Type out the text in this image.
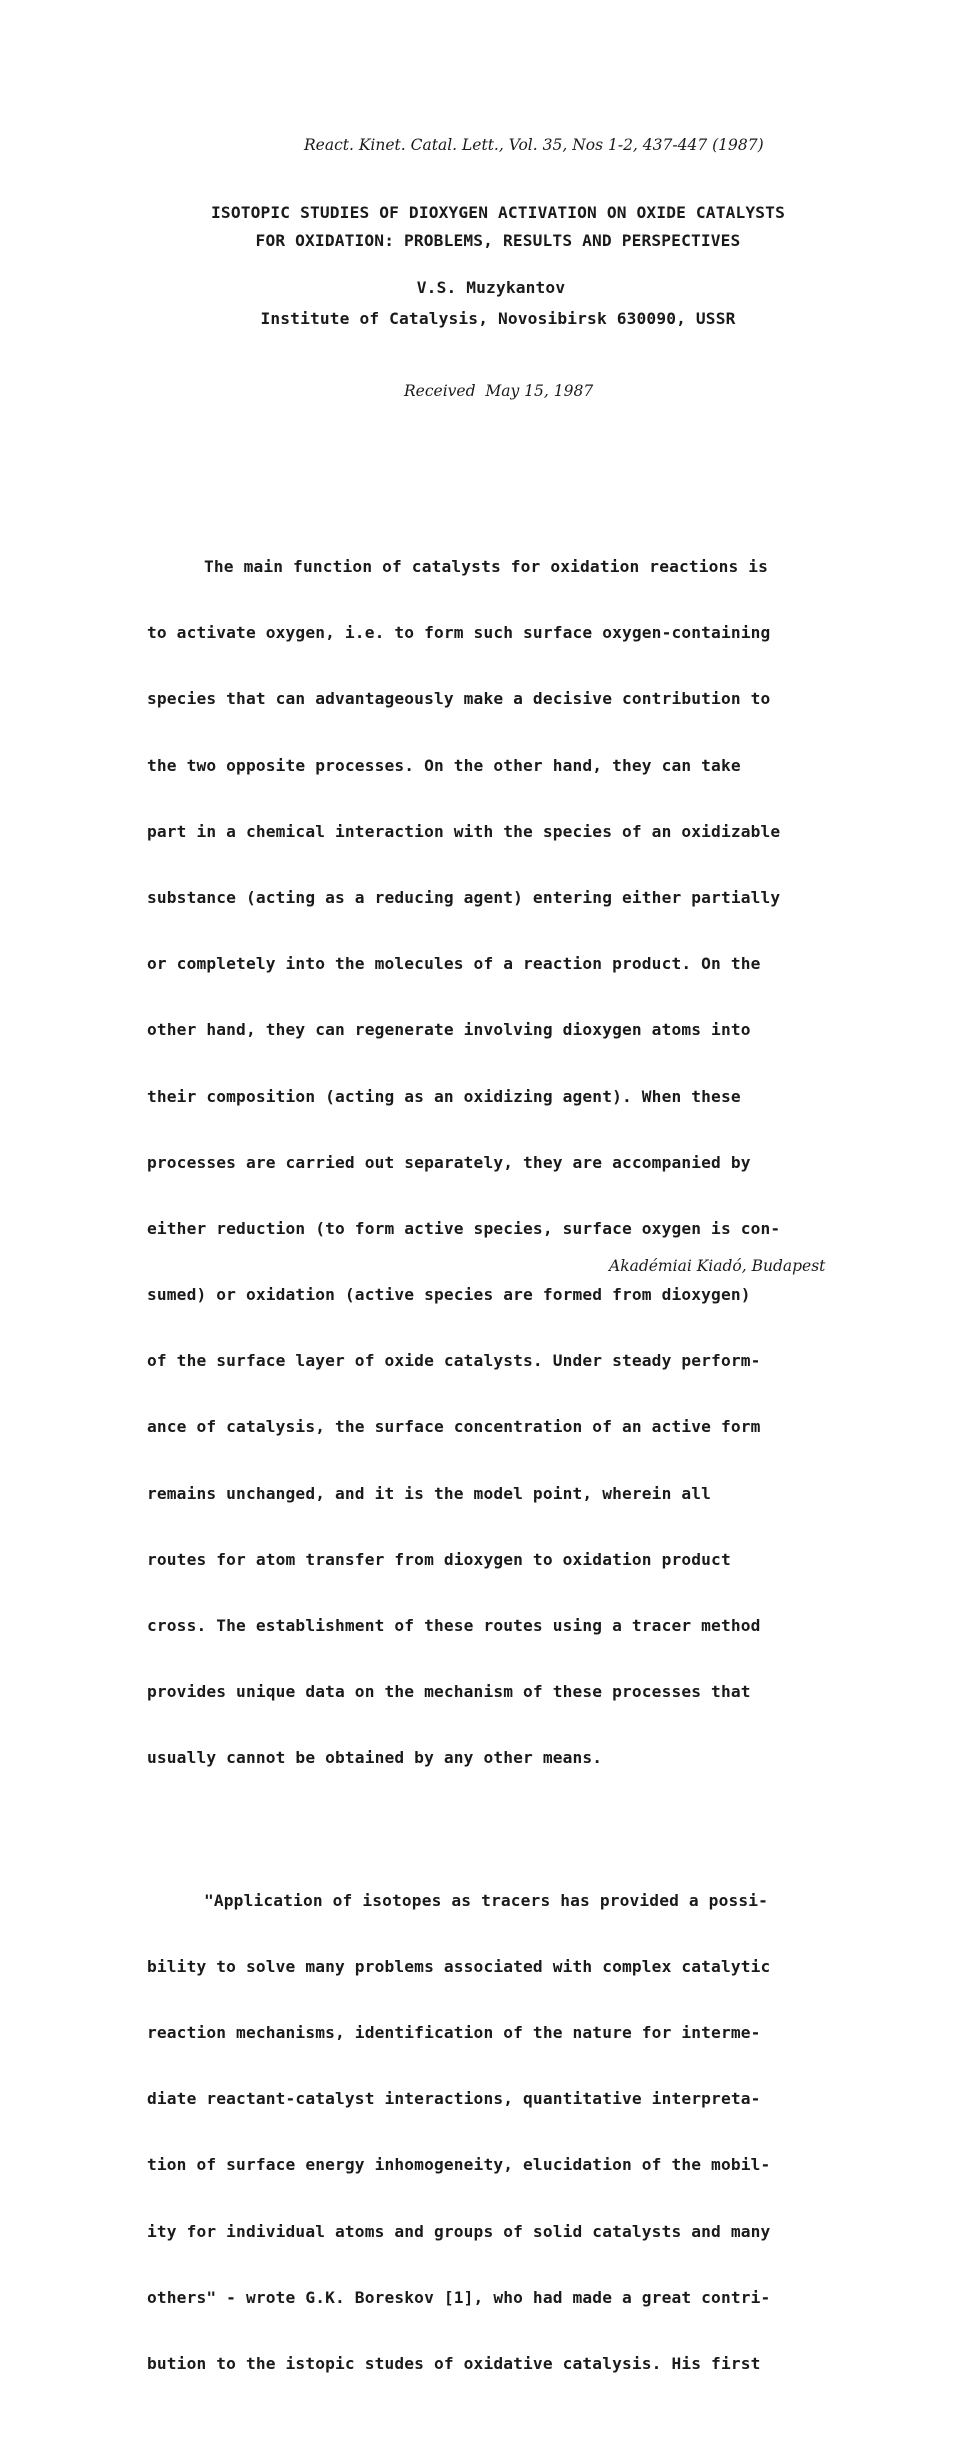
React. Kinet. Catal. Lett., Vol. 35, Nos 1-2, 437-447 (1987)
ISOTOPIC STUDIES OF DIOXYGEN ACTIVATION ON OXIDE CATALYSTS
FOR OXIDATION: PROBLEMS, RESULTS AND PERSPECTIVES
V.S. Muzykantov
Institute of Catalysis, Novosibirsk 630090, USSR
Received  May 15, 1987

The main function of catalysts for oxidation reactions is

to activate oxygen, i.e. to form such surface oxygen-containing

species that can advantageously make a decisive contribution to

the two opposite processes. On the other hand, they can take

part in a chemical interaction with the species of an oxidizable

substance (acting as a reducing agent) entering either partially

or completely into the molecules of a reaction product. On the

other hand, they can regenerate involving dioxygen atoms into

their composition (acting as an oxidizing agent). When these

processes are carried out separately, they are accompanied by

either reduction (to form active species, surface oxygen is con-

sumed) or oxidation (active species are formed from dioxygen)

of the surface layer of oxide catalysts. Under steady perform-

ance of catalysis, the surface concentration of an active form

remains unchanged, and it is the model point, wherein all

routes for atom transfer from dioxygen to oxidation product

cross. The establishment of these routes using a tracer method

provides unique data on the mechanism of these processes that

usually cannot be obtained by any other means.

"Application of isotopes as tracers has provided a possi-

bility to solve many problems associated with complex catalytic

reaction mechanisms, identification of the nature for interme-

diate reactant-catalyst interactions, quantitative interpreta-

tion of surface energy inhomogeneity, elucidation of the mobil-

ity for individual atoms and groups of solid catalysts and many

others" - wrote G.K. Boreskov [1], who had made a great contri-

bution to the istopic studes of oxidative catalysis. His first

Akadémiai Kiadó, Budapest
